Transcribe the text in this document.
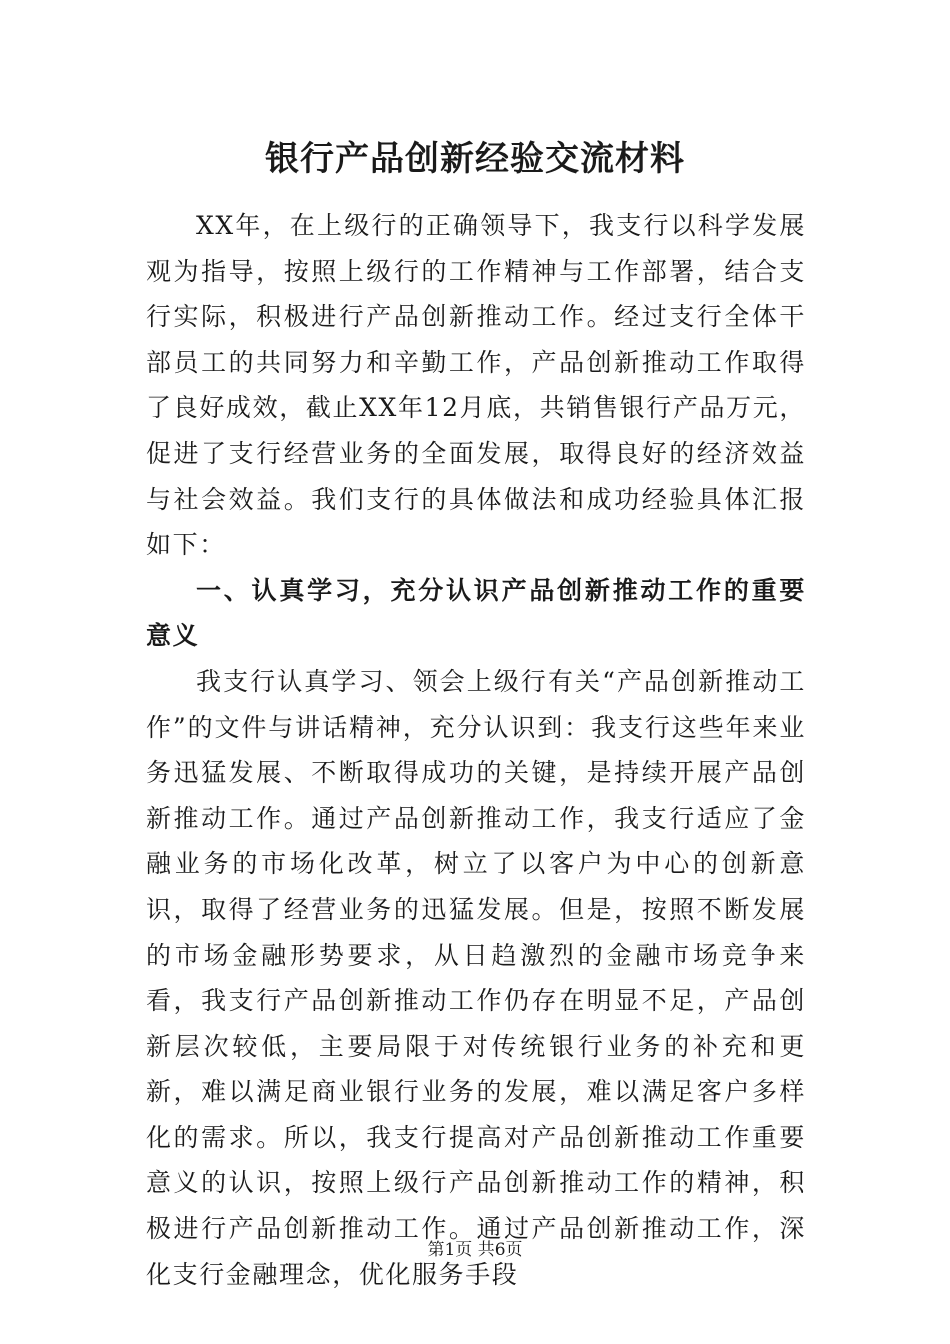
银行产品创新经验交流材料

XX年，在上级行的正确领导下，我支行以科学发展观为指导，按照上级行的工作精神与工作部署，结合支行实际，积极进行产品创新推动工作。经过支行全体干部员工的共同努力和辛勤工作，产品创新推动工作取得了良好成效，截止XX年12月底，共销售银行产品万元，促进了支行经营业务的全面发展，取得良好的经济效益与社会效益。我们支行的具体做法和成功经验具体汇报如下：

一、认真学习，充分认识产品创新推动工作的重要意义

我支行认真学习、领会上级行有关“产品创新推动工作”的文件与讲话精神，充分认识到：我支行这些年来业务迅猛发展、不断取得成功的关键，是持续开展产品创新推动工作。通过产品创新推动工作，我支行适应了金融业务的市场化改革，树立了以客户为中心的创新意识，取得了经营业务的迅猛发展。但是，按照不断发展的市场金融形势要求，从日趋激烈的金融市场竞争来看，我支行产品创新推动工作仍存在明显不足，产品创新层次较低，主要局限于对传统银行业务的补充和更新，难以满足商业银行业务的发展，难以满足客户多样化的需求。所以，我支行提高对产品创新推动工作重要意义的认识，按照上级行产品创新推动工作的精神，积极进行产品创新推动工作。通过产品创新推动工作，深化支行金融理念，优化服务手段

第1页 共6页
